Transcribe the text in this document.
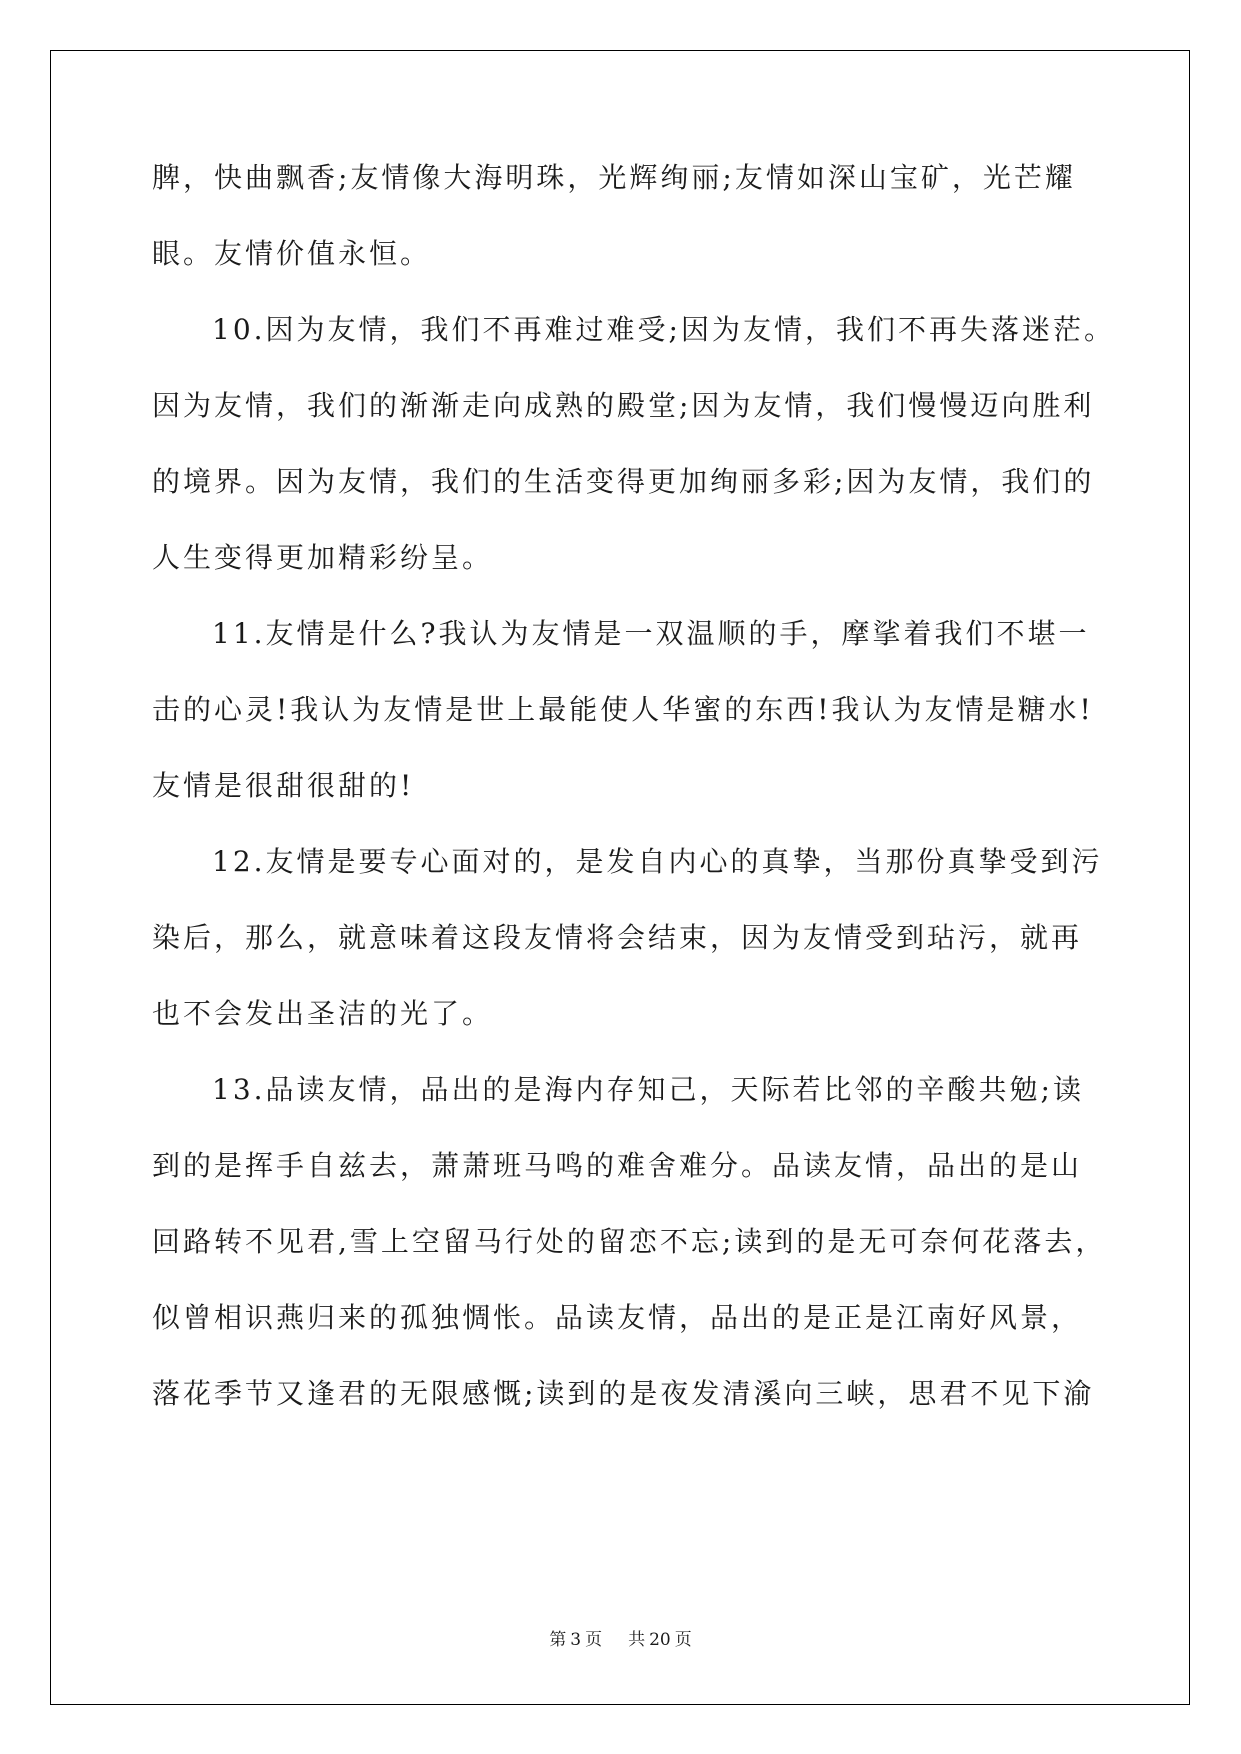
脾，快曲飘香;友情像大海明珠，光辉绚丽;友情如深山宝矿，光芒耀
眼。友情价值永恒。
10.因为友情，我们不再难过难受;因为友情，我们不再失落迷茫。
因为友情，我们的渐渐走向成熟的殿堂;因为友情，我们慢慢迈向胜利
的境界。因为友情，我们的生活变得更加绚丽多彩;因为友情，我们的
人生变得更加精彩纷呈。
11.友情是什么?我认为友情是一双温顺的手，摩挲着我们不堪一
击的心灵!我认为友情是世上最能使人华蜜的东西!我认为友情是糖水!
友情是很甜很甜的!
12.友情是要专心面对的，是发自内心的真挚，当那份真挚受到污
染后，那么，就意味着这段友情将会结束，因为友情受到玷污，就再
也不会发出圣洁的光了。
13.品读友情，品出的是海内存知己，天际若比邻的辛酸共勉;读
到的是挥手自兹去，萧萧班马鸣的难舍难分。品读友情，品出的是山
回路转不见君,雪上空留马行处的留恋不忘;读到的是无可奈何花落去，
似曾相识燕归来的孤独惆怅。品读友情，品出的是正是江南好风景，
落花季节又逢君的无限感慨;读到的是夜发清溪向三峡，思君不见下渝
第 3 页 共 20 页
